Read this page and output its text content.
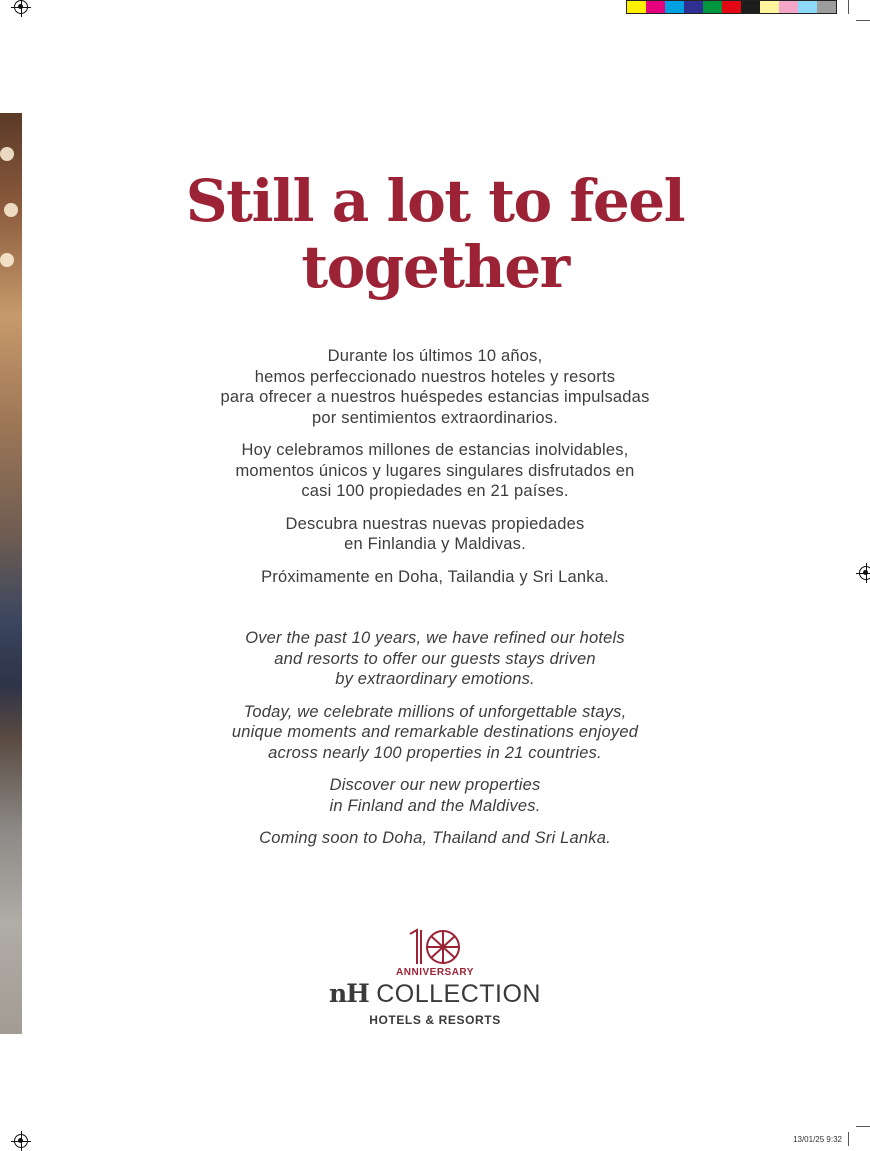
Still a lot to feel
together

Durante los últimos 10 años,
hemos perfeccionado nuestros hoteles y resorts
para ofrecer a nuestros huéspedes estancias impulsadas
por sentimientos extraordinarios.

Hoy celebramos millones de estancias inolvidables,
momentos únicos y lugares singulares disfrutados en
casi 100 propiedades en 21 países.

Descubra nuestras nuevas propiedades
en Finlandia y Maldivas.

Próximamente en Doha, Tailandia y Sri Lanka.

Over the past 10 years, we have refined our hotels
and resorts to offer our guests stays driven
by extraordinary emotions.

Today, we celebrate millions of unforgettable stays,
unique moments and remarkable destinations enjoyed
across nearly 100 properties in 21 countries.

Discover our new properties
in Finland and the Maldives.

Coming soon to Doha, Thailand and Sri Lanka.

ANNIVERSARY
nH COLLECTION
HOTELS & RESORTS
13/01/25 9:32
